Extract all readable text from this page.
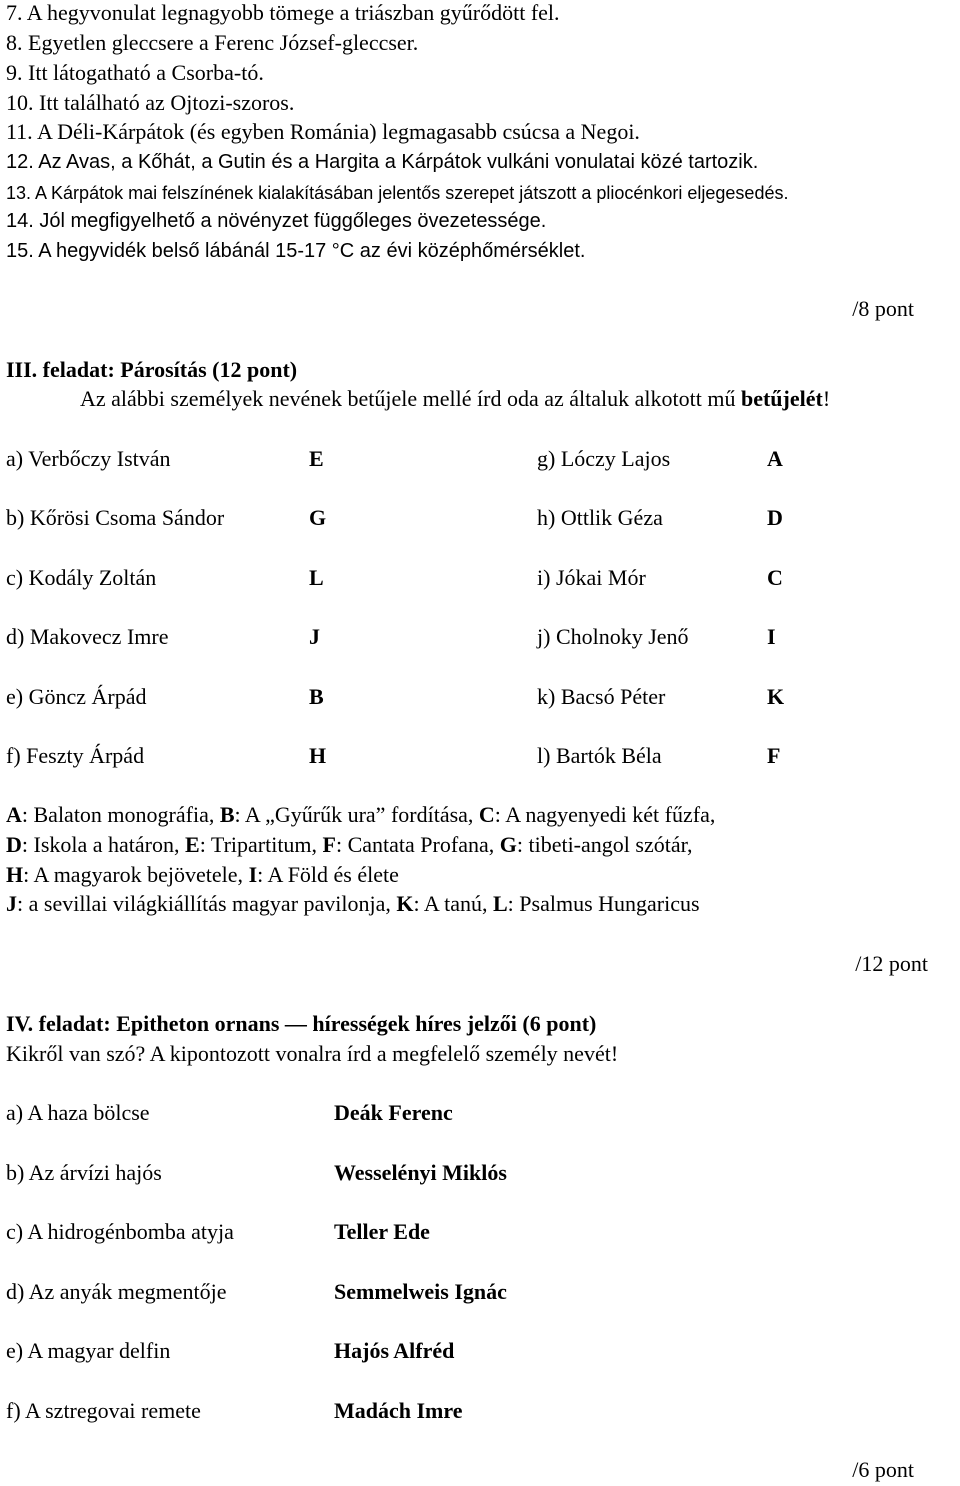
7. A hegyvonulat legnagyobb tömege a triászban gyűrődött fel.
8. Egyetlen gleccsere a Ferenc József-gleccser.
9. Itt látogatható a Csorba-tó.
10. Itt található az Ojtozi-szoros.
11. A Déli-Kárpátok (és egyben Románia) legmagasabb csúcsa a Negoi.
12. Az Avas, a Kőhát, a Gutin és a Hargita a Kárpátok vulkáni vonulatai közé tartozik.
13. A Kárpátok mai felszínének kialakításában jelentős szerepet játszott a pliocénkori eljegesedés.
14. Jól megfigyelhető a növényzet függőleges övezetessége.
15. A hegyvidék belső lábánál 15-17 °C az évi középhőmérséklet.
/8 pont
III. feladat: Párosítás (12 pont)
Az alábbi személyek nevének betűjele mellé írd oda az általuk alkotott mű betűjelét!
a) Verbőczy István	E	g) Lóczy Lajos	A
b) Kőrösi Csoma Sándor	G	h) Ottlik Géza	D
c) Kodály Zoltán	L	i) Jókai Mór	C
d) Makovecz Imre	J	j) Cholnoky Jenő	I
e) Göncz Árpád	B	k) Bacsó Péter	K
f) Feszty Árpád	H	l) Bartók Béla	F
A: Balaton monográfia, B: A „Gyűrűk ura” fordítása, C: A nagyenyedi két fűzfa,
D: Iskola a határon, E: Tripartitum, F: Cantata Profana, G: tibeti-angol szótár,
H: A magyarok bejövetele, I: A Föld és élete
J: a sevillai világkiállítás magyar pavilonja, K: A tanú, L: Psalmus Hungaricus
/12 pont
IV. feladat: Epitheton ornans — hírességek híres jelzői (6 pont)
Kikről van szó? A kipontozott vonalra írd a megfelelő személy nevét!
a) A haza bölcse	Deák Ferenc
b) Az árvízi hajós	Wesselényi Miklós
c) A hidrogénbomba atyja	Teller Ede
d) Az anyák megmentője	Semmelweis Ignác
e) A magyar delfin	Hajós Alfréd
f) A sztregovai remete	Madách Imre
/6 pont
